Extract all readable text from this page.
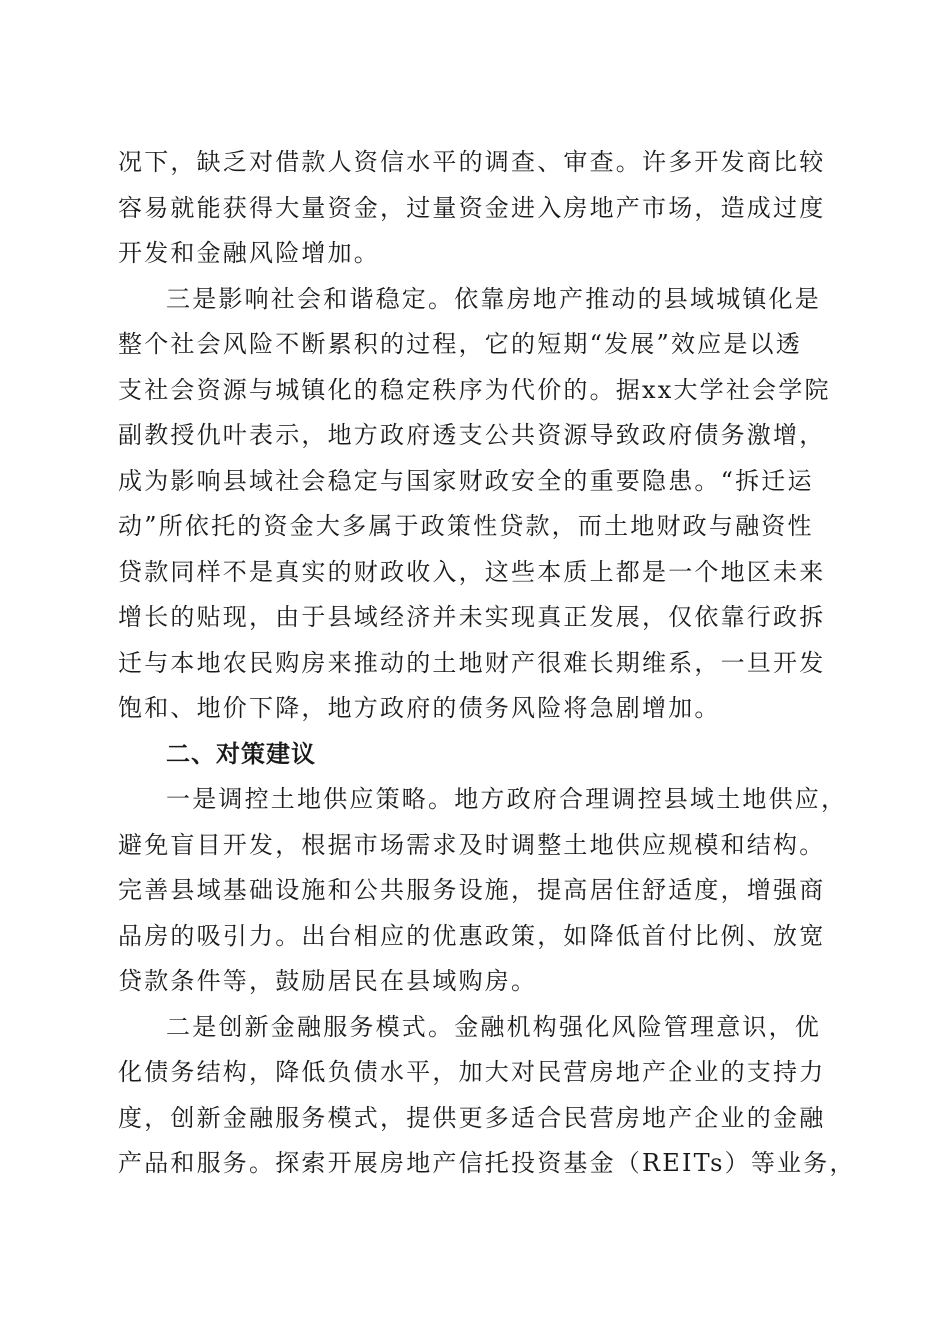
况下，缺乏对借款人资信水平的调查、审查。许多开发商比较
容易就能获得大量资金，过量资金进入房地产市场，造成过度
开发和金融风险增加。
三是影响社会和谐稳定。依靠房地产推动的县域城镇化是
整个社会风险不断累积的过程，它的短期“发展”效应是以透
支社会资源与城镇化的稳定秩序为代价的。据xx大学社会学院
副教授仇叶表示，地方政府透支公共资源导致政府债务激增，
成为影响县域社会稳定与国家财政安全的重要隐患。“拆迁运
动”所依托的资金大多属于政策性贷款，而土地财政与融资性
贷款同样不是真实的财政收入，这些本质上都是一个地区未来
增长的贴现，由于县域经济并未实现真正发展，仅依靠行政拆
迁与本地农民购房来推动的土地财产很难长期维系，一旦开发
饱和、地价下降，地方政府的债务风险将急剧增加。
二、对策建议
一是调控土地供应策略。地方政府合理调控县域土地供应，
避免盲目开发，根据市场需求及时调整土地供应规模和结构。
完善县域基础设施和公共服务设施，提高居住舒适度，增强商
品房的吸引力。出台相应的优惠政策，如降低首付比例、放宽
贷款条件等，鼓励居民在县域购房。
二是创新金融服务模式。金融机构强化风险管理意识，优
化债务结构，降低负债水平，加大对民营房地产企业的支持力
度，创新金融服务模式，提供更多适合民营房地产企业的金融
产品和服务。探索开展房地产信托投资基金（REITs）等业务，
